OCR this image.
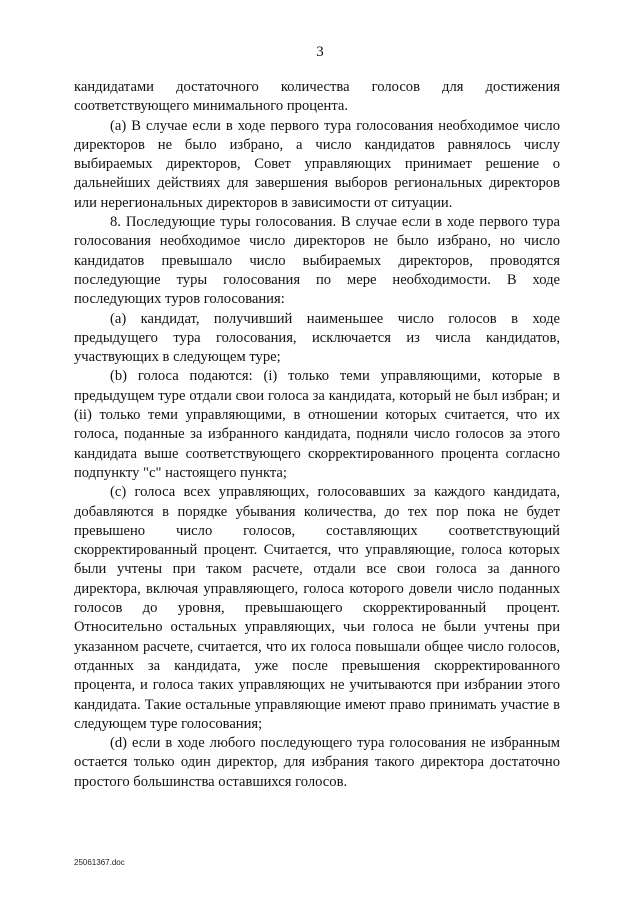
3

кандидатами достаточного количества голосов для достижения соответствующего минимального процента.

(а) В случае если в ходе первого тура голосования необходимое число директоров не было избрано, а число кандидатов равнялось числу выбираемых директоров, Совет управляющих принимает решение о дальнейших действиях для завершения выборов региональных директоров или нерегиональных директоров в зависимости от ситуации.

8. Последующие туры голосования. В случае если в ходе первого тура голосования необходимое число директоров не было избрано, но число кандидатов превышало число выбираемых директоров, проводятся последующие туры голосования по мере необходимости. В ходе последующих туров голосования:

(а) кандидат, получивший наименьшее число голосов в ходе предыдущего тура голосования, исключается из числа кандидатов, участвующих в следующем туре;

(b) голоса подаются: (i) только теми управляющими, которые в предыдущем туре отдали свои голоса за кандидата, который не был избран; и (ii) только теми управляющими, в отношении которых считается, что их голоса, поданные за избранного кандидата, подняли число голосов за этого кандидата выше соответствующего скорректированного процента согласно подпункту "с" настоящего пункта;

(с) голоса всех управляющих, голосовавших за каждого кандидата, добавляются в порядке убывания количества, до тех пор пока не будет превышено число голосов, составляющих соответствующий скорректированный процент. Считается, что управляющие, голоса которых были учтены при таком расчете, отдали все свои голоса за данного директора, включая управляющего, голоса которого довели число поданных голосов до уровня, превышающего скорректированный процент. Относительно остальных управляющих, чьи голоса не были учтены при указанном расчете, считается, что их голоса повышали общее число голосов, отданных за кандидата, уже после превышения скорректированного процента, и голоса таких управляющих не учитываются при избрании этого кандидата. Такие остальные управляющие имеют право принимать участие в следующем туре голосования;

(d) если в ходе любого последующего тура голосования не избранным остается только один директор, для избрания такого директора достаточно простого большинства оставшихся голосов.

25061367.doc
